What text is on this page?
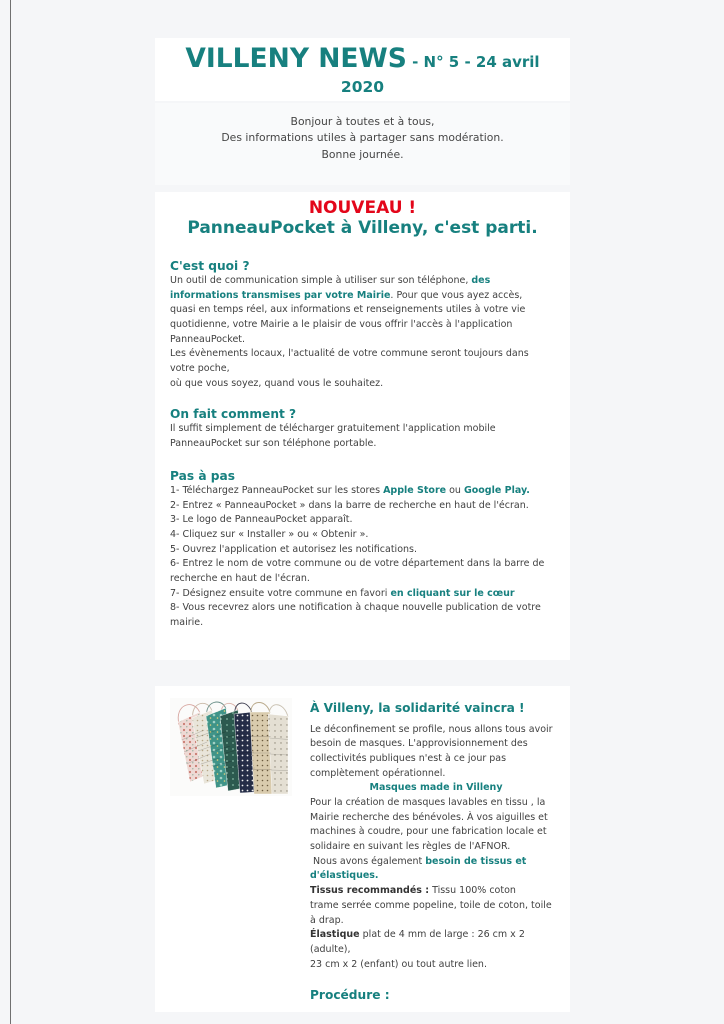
VILLENY NEWS - N° 5 - 24 avril
2020
Bonjour à toutes et à tous,
Des informations utiles à partager sans modération.
Bonne journée.
NOUVEAU !
PanneauPocket à Villeny, c'est parti.
C'est quoi ?
Un outil de communication simple à utiliser sur son téléphone, des
informations transmises par votre Mairie. Pour que vous ayez accès,
quasi en temps réel, aux informations et renseignements utiles à votre vie
quotidienne, votre Mairie a le plaisir de vous offrir l'accès à l'application
PanneauPocket.
Les évènements locaux, l'actualité de votre commune seront toujours dans
votre poche,
où que vous soyez, quand vous le souhaitez.
On fait comment ?
Il suffit simplement de télécharger gratuitement l'application mobile
PanneauPocket sur son téléphone portable.
Pas à pas
1- Téléchargez PanneauPocket sur les stores Apple Store ou Google Play.
2- Entrez « PanneauPocket » dans la barre de recherche en haut de l'écran.
3- Le logo de PanneauPocket apparaît.
4- Cliquez sur « Installer » ou « Obtenir ».
5- Ouvrez l'application et autorisez les notifications.
6- Entrez le nom de votre commune ou de votre département dans la barre de
recherche en haut de l'écran.
7- Désignez ensuite votre commune en favori en cliquant sur le cœur
8- Vous recevrez alors une notification à chaque nouvelle publication de votre
mairie.
À Villeny, la solidarité vaincra !
Le déconfinement se profile, nous allons tous avoir
besoin de masques. L'approvisionnement des
collectivités publiques n'est à ce jour pas
complètement opérationnel.
Masques made in Villeny
Pour la création de masques lavables en tissu , la
Mairie recherche des bénévoles. À vos aiguilles et
machines à coudre, pour une fabrication locale et
solidaire en suivant les règles de l'AFNOR.
Nous avons également besoin de tissus et
d'élastiques.
Tissus recommandés : Tissu 100% coton
trame serrée comme popeline, toile de coton, toile
à drap.
Élastique plat de 4 mm de large : 26 cm x 2
(adulte),
23 cm x 2 (enfant) ou tout autre lien.
Procédure :
